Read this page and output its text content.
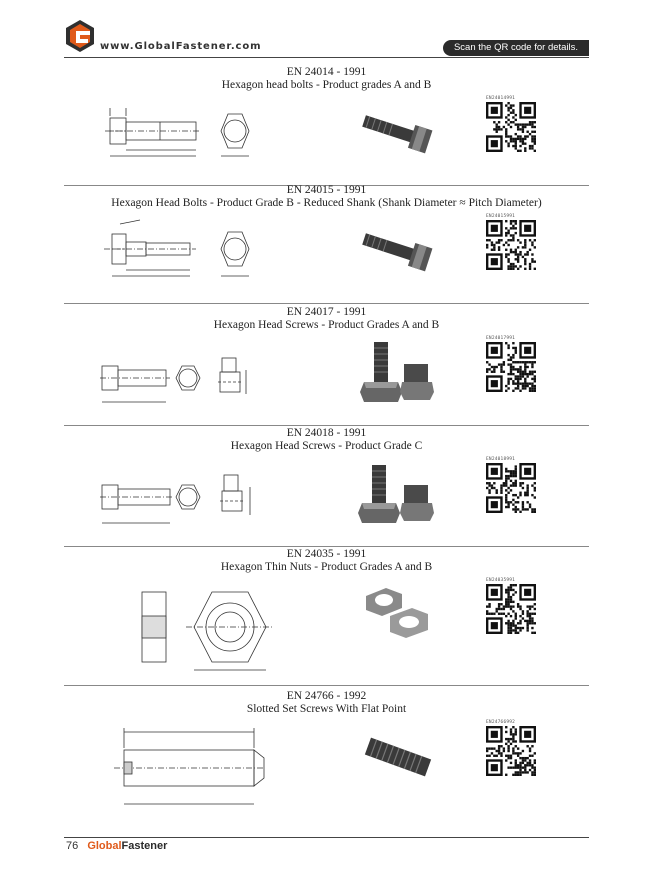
www.GlobalFastener.com	Scan the QR code for details.
EN 24014 - 1991
Hexagon head bolts - Product grades A and B
EN24014991
EN 24015 - 1991
Hexagon Head Bolts - Product Grade B - Reduced Shank (Shank Diameter ≈ Pitch Diameter)
EN24015991
EN 24017 - 1991
Hexagon Head Screws - Product Grades A and B
EN24017991
EN 24018 - 1991
Hexagon Head Screws - Product Grade C
EN24018991
EN 24035 - 1991
Hexagon Thin Nuts - Product Grades A and B
EN24035991
EN 24766 - 1992
Slotted Set Screws With Flat Point
EN24766992
76 GlobalFastener
